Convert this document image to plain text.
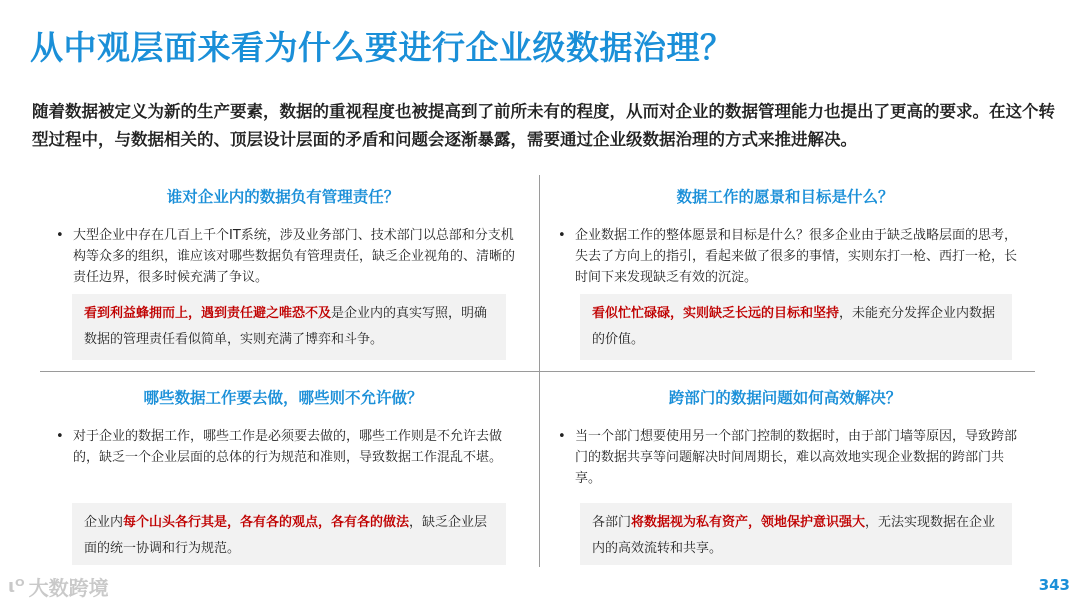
从中观层面来看为什么要进行企业级数据治理？
随着数据被定义为新的生产要素，数据的重视程度也被提高到了前所未有的程度，从而对企业的数据管理能力也提出了更高的要求。在这个转型过程中，与数据相关的、顶层设计层面的矛盾和问题会逐渐暴露，需要通过企业级数据治理的方式来推进解决。
谁对企业内的数据负有管理责任？
• 大型企业中存在几百上千个IT系统，涉及业务部门、技术部门以总部和分支机构等众多的组织，谁应该对哪些数据负有管理责任，缺乏企业视角的、清晰的责任边界，很多时候充满了争议。
看到利益蜂拥而上，遇到责任避之唯恐不及是企业内的真实写照，明确数据的管理责任看似简单，实则充满了博弈和斗争。
数据工作的愿景和目标是什么？
• 企业数据工作的整体愿景和目标是什么？很多企业由于缺乏战略层面的思考，失去了方向上的指引，看起来做了很多的事情，实则东打一枪、西打一枪，长时间下来发现缺乏有效的沉淀。
看似忙忙碌碌，实则缺乏长远的目标和坚持，未能充分发挥企业内数据的价值。
哪些数据工作要去做，哪些则不允许做？
• 对于企业的数据工作，哪些工作是必须要去做的，哪些工作则是不允许去做的，缺乏一个企业层面的总体的行为规范和准则，导致数据工作混乱不堪。
企业内每个山头各行其是，各有各的观点，各有各的做法，缺乏企业层面的统一协调和行为规范。
跨部门的数据问题如何高效解决？
• 当一个部门想要使用另一个部门控制的数据时，由于部门墙等原因，导致跨部门的数据共享等问题解决时间周期长，难以高效地实现企业数据的跨部门共享。
各部门将数据视为私有资产，领地保护意识强大，无法实现数据在企业内的高效流转和共享。
ιᴼ 大数跨境	343
